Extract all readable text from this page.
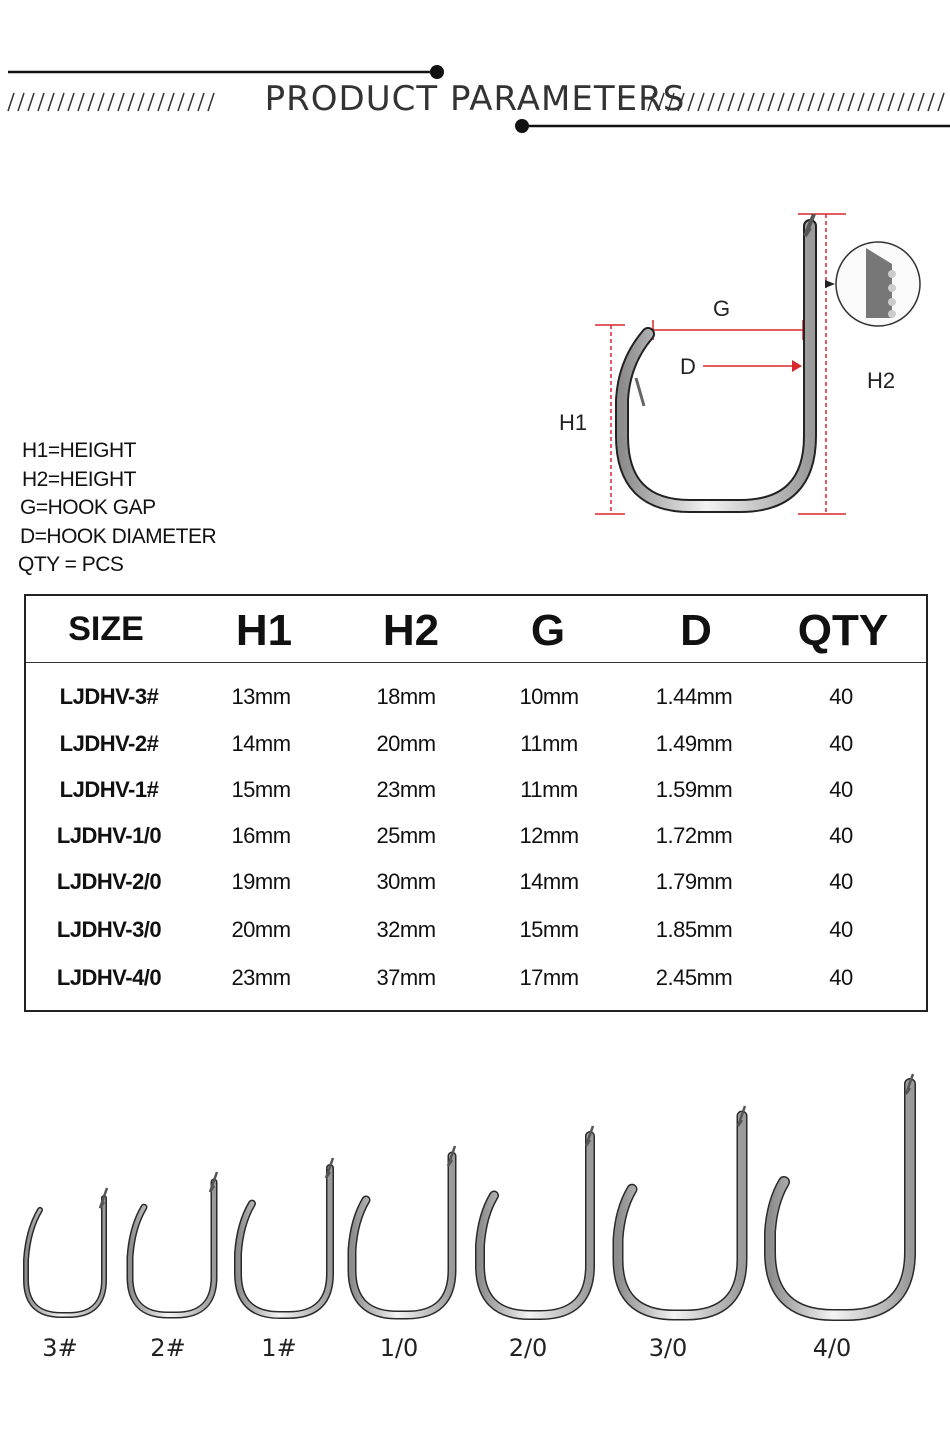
PRODUCT PARAMETERS
G
D
H1
H2
H1=HEIGHT
H2=HEIGHT
G=HOOK GAP
D=HOOK DIAMETER
QTY = PCS
SIZE	H1	H2	G	D	QTY
LJDHV-3#	13mm	18mm	10mm	1.44mm	40
LJDHV-2#	14mm	20mm	11mm	1.49mm	40
LJDHV-1#	15mm	23mm	11mm	1.59mm	40
LJDHV-1/0	16mm	25mm	12mm	1.72mm	40
LJDHV-2/0	19mm	30mm	14mm	1.79mm	40
LJDHV-3/0	20mm	32mm	15mm	1.85mm	40
LJDHV-4/0	23mm	37mm	17mm	2.45mm	40
3#	2#	1#	1/0	2/0	3/0	4/0
